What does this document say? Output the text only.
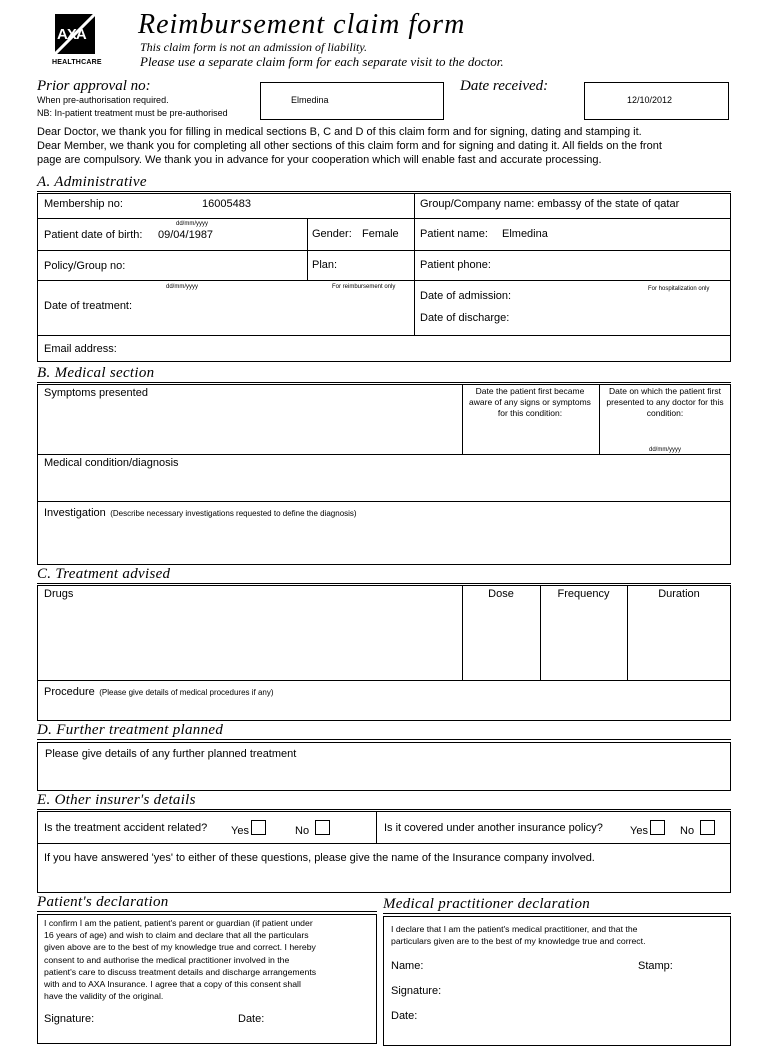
AXA
HEALTHCARE
Reimbursement claim form
This claim form is not an admission of liability.
Please use a separate claim form for each separate visit to the doctor.
Prior approval no:
When pre-authorisation required.
NB: In-patient treatment must be pre-authorised
Elmedina
Date received:
12/10/2012
Dear Doctor, we thank you for filling in medical sections B, C and D of this claim form and for signing, dating and stamping it.
Dear Member, we thank you for completing all other sections of this claim form and for signing and dating it. All fields on the front
page are compulsory. We thank you in advance for your cooperation which will enable fast and accurate processing.
A. Administrative
Membership no:	16005483	Group/Company name: embassy of the state of qatar
dd/mm/yyyy
Patient date of birth: 09/04/1987	Gender: Female Patient name: Elmedina
Policy/Group no:	Plan:	Patient phone:
dd/mm/yyyy	For reimbursement only
Date of treatment:
Date of admission:
For hospitalization only
Date of discharge:
Email address:
B. Medical section
Symptoms presented	Date the patient first became aware of any signs or symptoms for this condition:
Date on which the patient first presented to any doctor for this condition:
dd/mm/yyyy
Medical condition/diagnosis
Investigation (Describe necessary investigations requested to define the diagnosis)
C. Treatment advised
Drugs	Dose	Frequency	Duration
Procedure (Please give details of medical procedures if any)
D. Further treatment planned
Please give details of any further planned treatment
E. Other insurer's details
Is the treatment accident related? Yes	No	Is it covered under another insurance policy? Yes	No
If you have answered 'yes' to either of these questions, please give the name of the Insurance company involved.
Patient's declaration	Medical practitioner declaration
I confirm I am the patient, patient's parent or guardian (if patient under
16 years of age) and wish to claim and declare that all the particulars
given above are to the best of my knowledge true and correct. I hereby
consent to and authorise the medical practitioner involved in the
patient's care to discuss treatment details and discharge arrangements
with and to AXA Insurance. I agree that a copy of this consent shall
have the validity of the original.
Signature:	Date:
I declare that I am the patient's medical practitioner, and that the
particulars given are to the best of my knowledge true and correct.
Name:	Stamp:
Signature:
Date:
